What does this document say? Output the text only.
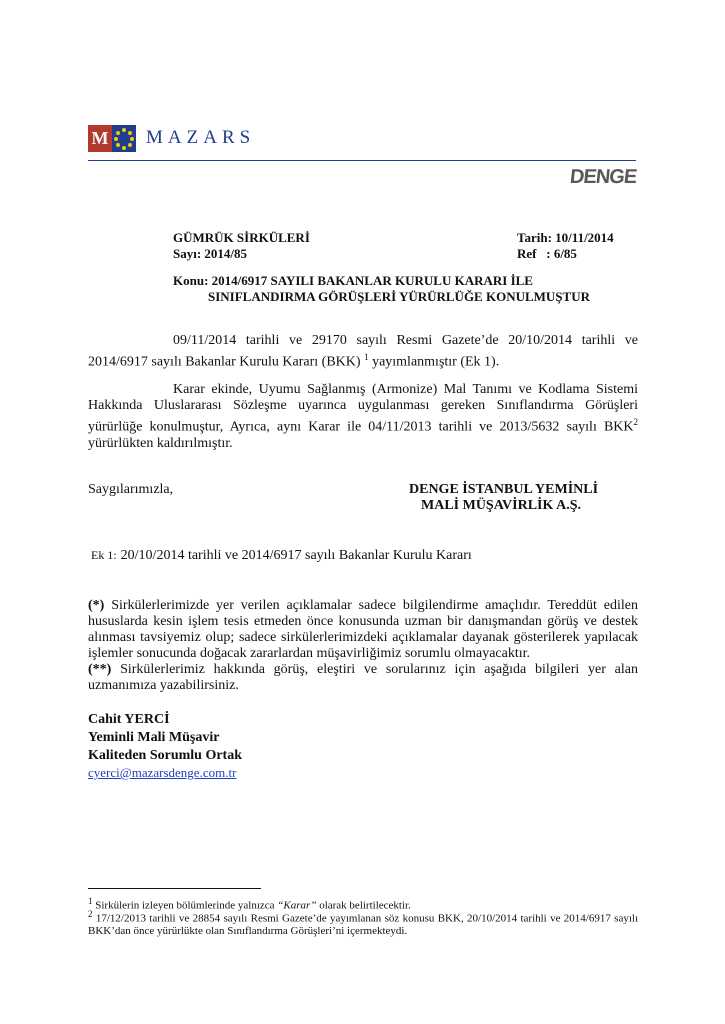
M MAZARS
DENGE
GÜMRÜK SİRKÜLERİ
Sayı: 2014/85
Tarih: 10/11/2014
Ref   : 6/85
Konu: 2014/6917 SAYILI BAKANLAR KURULU KARARI İLE
SINIFLANDIRMA GÖRÜŞLERİ YÜRÜRLÜĞE KONULMUŞTUR
09/11/2014 tarihli ve 29170 sayılı Resmi Gazete’de 20/10/2014 tarihli ve 2014/6917 sayılı Bakanlar Kurulu Kararı (BKK) $^1$ yayımlanmıştır (Ek 1).
Karar ekinde, Uyumu Sağlanmış (Armonize) Mal Tanımı ve Kodlama Sistemi Hakkında Uluslararası Sözleşme uyarınca uygulanması gereken Sınıflandırma Görüşleri yürürlüğe konulmuştur, Ayrıca, aynı Karar ile 04/11/2013 tarihli ve 2013/5632 sayılı BKK$^2$ yürürlükten kaldırılmıştır.
Saygılarımızla,	DENGE İSTANBUL YEMİNLİ
MALİ MÜŞAVİRLİK A.Ş.
Ek 1: 20/10/2014 tarihli ve 2014/6917 sayılı Bakanlar Kurulu Kararı
(*) Sirkülerlerimizde yer verilen açıklamalar sadece bilgilendirme amaçlıdır. Tereddüt edilen hususlarda kesin işlem tesis etmeden önce konusunda uzman bir danışmandan görüş ve destek alınması tavsiyemiz olup; sadece sirkülerlerimizdeki açıklamalar dayanak gösterilerek yapılacak işlemler sonucunda doğacak zararlardan müşavirliğimiz sorumlu olmayacaktır.
(**) Sirkülerlerimiz hakkında görüş, eleştiri ve sorularınız için aşağıda bilgileri yer alan uzmanımıza yazabilirsiniz.
Cahit YERCİ
Yeminli Mali Müşavir
Kaliteden Sorumlu Ortak
cyerci@mazarsdenge.com.tr
$^1$ Sirkülerin izleyen bölümlerinde yalnızca “Karar” olarak belirtilecektir.
$^2$ 17/12/2013 tarihli ve 28854 sayılı Resmi Gazete’de yayımlanan söz konusu BKK, 20/10/2014 tarihli ve 2014/6917 sayılı BKK’dan önce yürürlükte olan Sınıflandırma Görüşleri’ni içermekteydi.
